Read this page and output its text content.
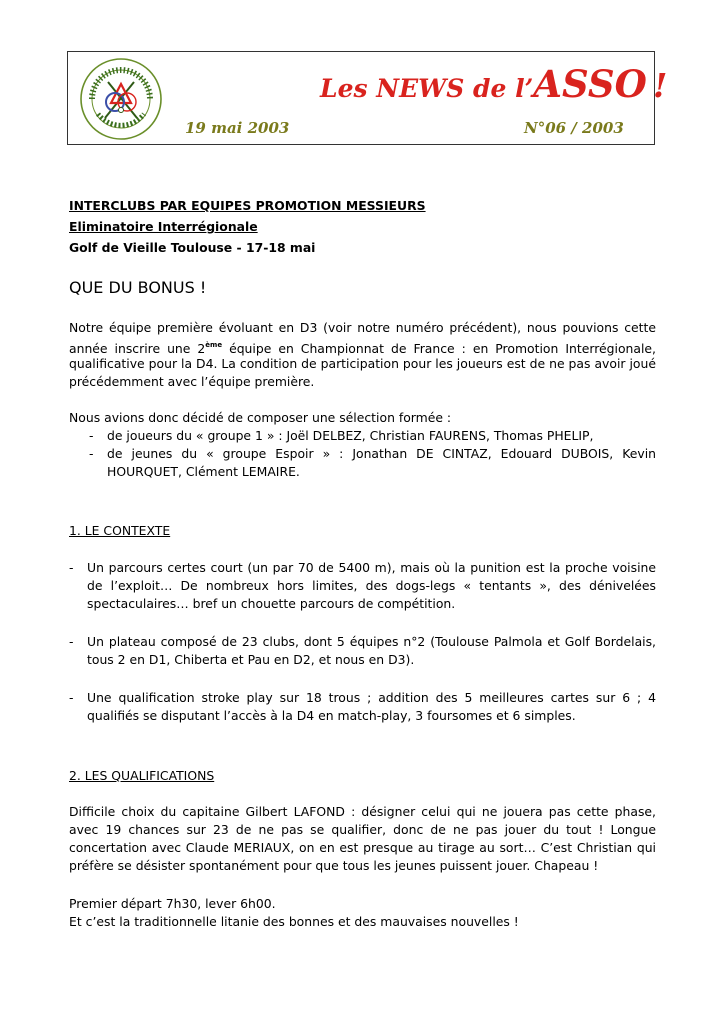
Les NEWS de l’ASSO !
19 mai 2003	N°06 / 2003
INTERCLUBS PAR EQUIPES PROMOTION MESSIEURS
Eliminatoire Interrégionale
Golf de Vieille Toulouse - 17-18 mai
QUE DU BONUS !
Notre équipe première évoluant en D3 (voir notre numéro précédent), nous pouvions cette
année inscrire une 2ème équipe en Championnat de France : en Promotion Interrégionale,
qualificative pour la D4. La condition de participation pour les joueurs est de ne pas avoir joué
précédemment avec l’équipe première.
Nous avions donc décidé de composer une sélection formée :
- de joueurs du « groupe 1 » : Joël DELBEZ, Christian FAURENS, Thomas PHELIP,
- de jeunes du « groupe Espoir » : Jonathan DE CINTAZ, Edouard DUBOIS, Kevin
HOURQUET, Clément LEMAIRE.
1. LE CONTEXTE
- Un parcours certes court (un par 70 de 5400 m), mais où la punition est la proche voisine
de l’exploit… De nombreux hors limites, des dogs-legs « tentants », des dénivelées
spectaculaires… bref un chouette parcours de compétition.
- Un plateau composé de 23 clubs, dont 5 équipes n°2 (Toulouse Palmola et Golf Bordelais,
tous 2 en D1, Chiberta et Pau en D2, et nous en D3).
- Une qualification stroke play sur 18 trous ; addition des 5 meilleures cartes sur 6 ; 4
qualifiés se disputant l’accès à la D4 en match-play, 3 foursomes et 6 simples.
2. LES QUALIFICATIONS
Difficile choix du capitaine Gilbert LAFOND : désigner celui qui ne jouera pas cette phase,
avec 19 chances sur 23 de ne pas se qualifier, donc de ne pas jouer du tout ! Longue
concertation avec Claude MERIAUX, on en est presque au tirage au sort… C’est Christian qui
préfère se désister spontanément pour que tous les jeunes puissent jouer. Chapeau !
Premier départ 7h30, lever 6h00.
Et c’est la traditionnelle litanie des bonnes et des mauvaises nouvelles !
